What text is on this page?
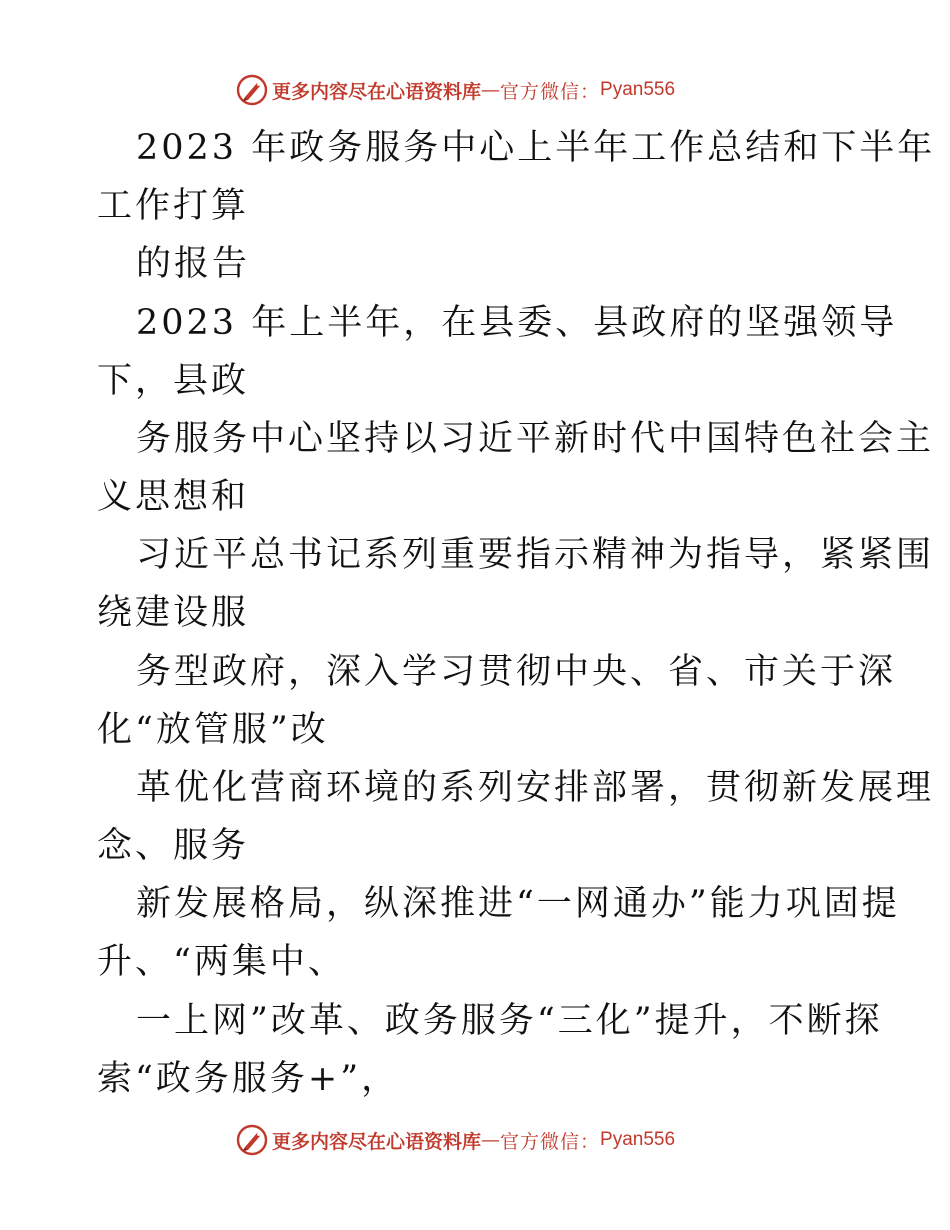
更多内容尽在心语资料库 — 官方微信： Pyan556
2023 年政务服务中心上半年工作总结和下半年
工作打算
的报告
2023 年上半年，在县委、县政府的坚强领导
下，县政
务服务中心坚持以习近平新时代中国特色社会主
义思想和
习近平总书记系列重要指示精神为指导，紧紧围
绕建设服
务型政府，深入学习贯彻中央、省、市关于深
化“放管服”改
革优化营商环境的系列安排部署，贯彻新发展理
念、服务
新发展格局，纵深推进“一网通办”能力巩固提
升、“两集中、
一上网”改革、政务服务“三化”提升，不断探
索“政务服务+”，
更多内容尽在心语资料库 — 官方微信： Pyan556
